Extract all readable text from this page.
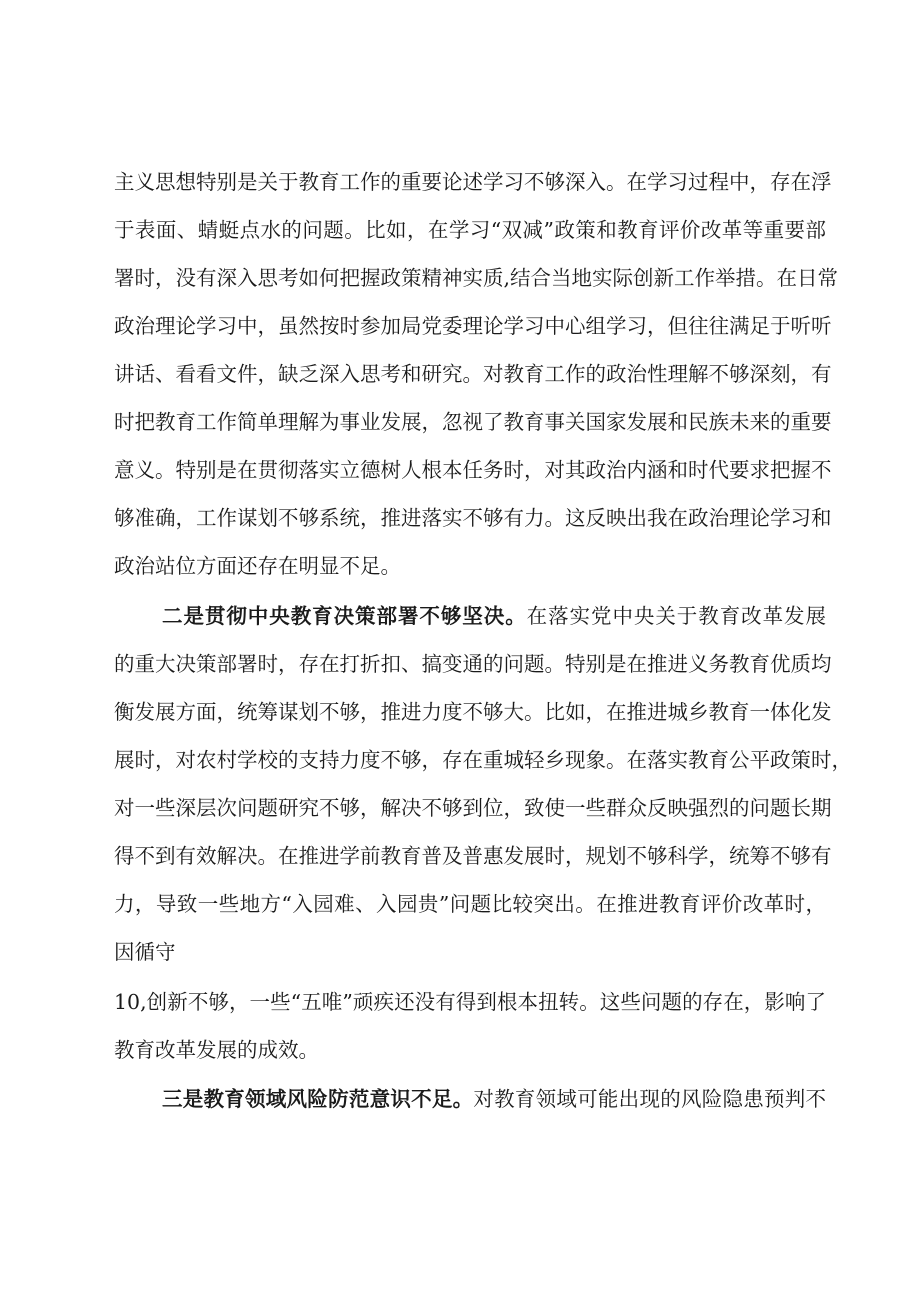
主义思想特别是关于教育工作的重要论述学习不够深入。在学习过程中，存在浮
于表面、蜻蜓点水的问题。比如，在学习“双减”政策和教育评价改革等重要部
署时，没有深入思考如何把握政策精神实质,结合当地实际创新工作举措。在日常
政治理论学习中，虽然按时参加局党委理论学习中心组学习，但往往满足于听听
讲话、看看文件，缺乏深入思考和研究。对教育工作的政治性理解不够深刻，有
时把教育工作简单理解为事业发展，忽视了教育事关国家发展和民族未来的重要
意义。特别是在贯彻落实立德树人根本任务时，对其政治内涵和时代要求把握不
够准确，工作谋划不够系统，推进落实不够有力。这反映出我在政治理论学习和
政治站位方面还存在明显不足。
二是贯彻中央教育决策部署不够坚决。在落实党中央关于教育改革发展
的重大决策部署时，存在打折扣、搞变通的问题。特别是在推进义务教育优质均
衡发展方面，统筹谋划不够，推进力度不够大。比如，在推进城乡教育一体化发
展时，对农村学校的支持力度不够，存在重城轻乡现象。在落实教育公平政策时，
对一些深层次问题研究不够，解决不够到位，致使一些群众反映强烈的问题长期
得不到有效解决。在推进学前教育普及普惠发展时，规划不够科学，统筹不够有
力，导致一些地方“入园难、入园贵”问题比较突出。在推进教育评价改革时，
因循守
10,创新不够，一些“五唯”顽疾还没有得到根本扭转。这些问题的存在，影响了
教育改革发展的成效。
三是教育领域风险防范意识不足。对教育领域可能出现的风险隐患预判不
